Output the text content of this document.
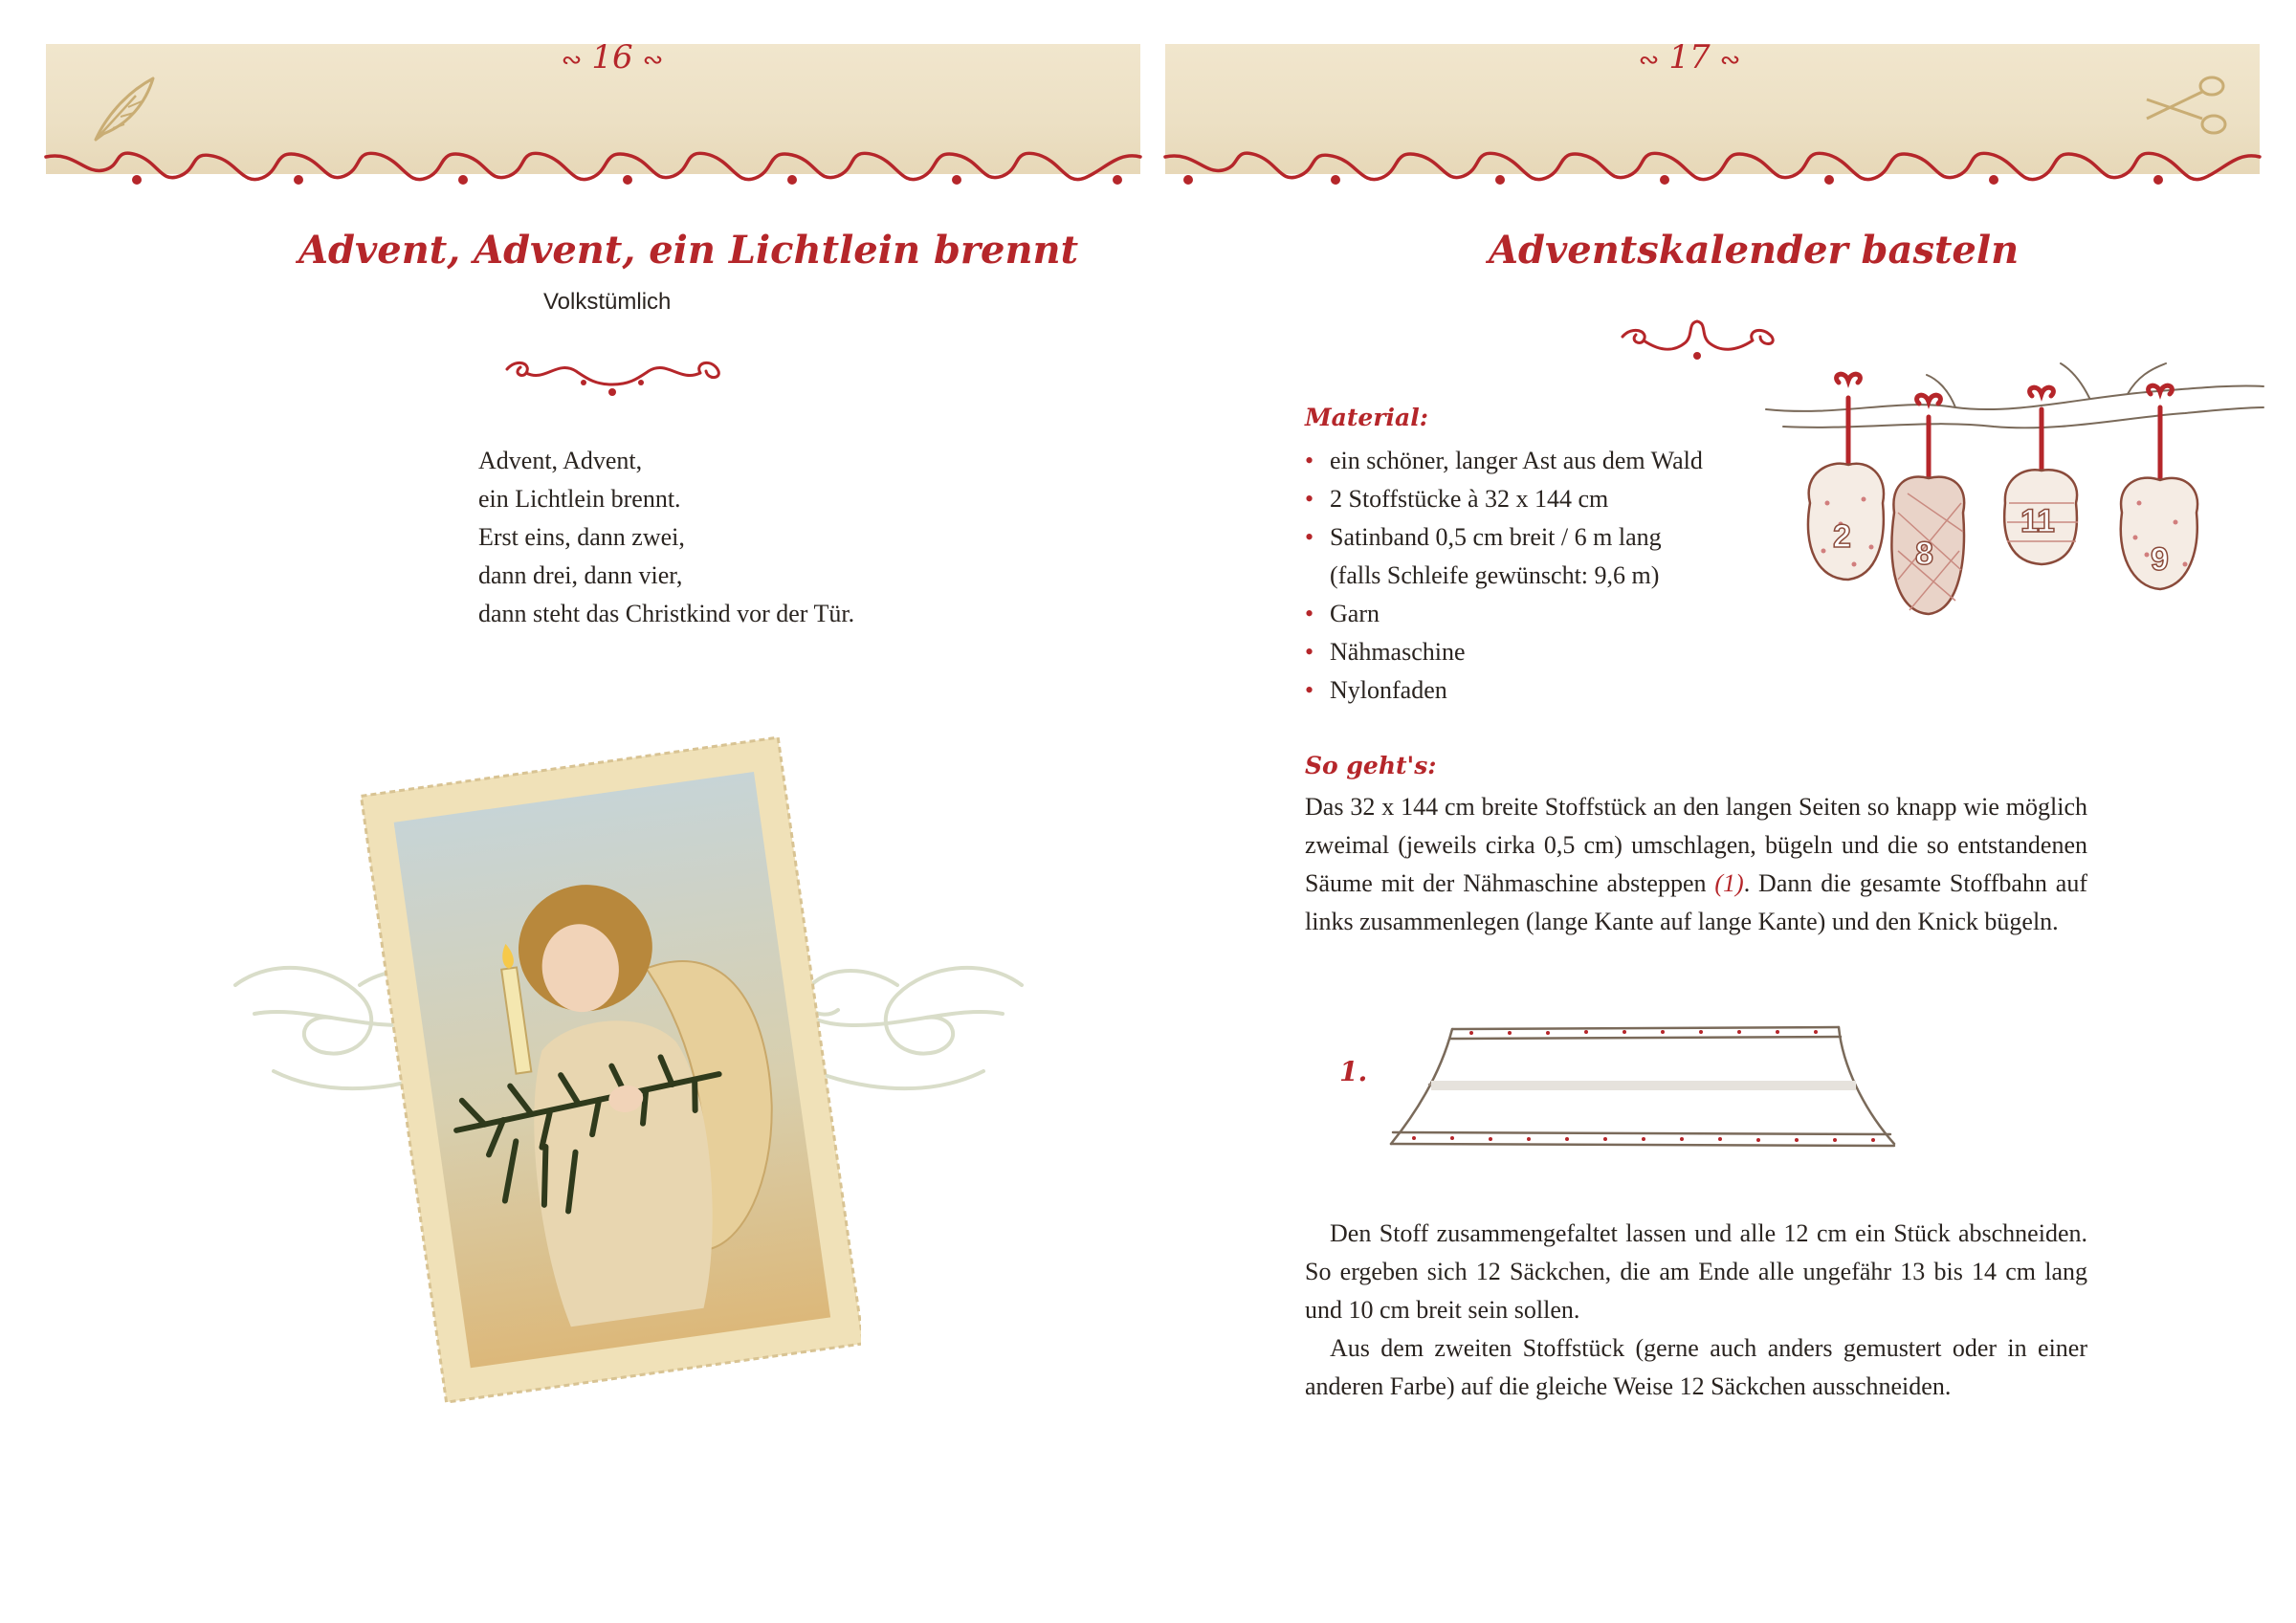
∾ 16 ∾
Advent, Advent, ein Lichtlein brennt
Volkstümlich
Advent, Advent,
ein Lichtlein brennt.
Erst eins, dann zwei,
dann drei, dann vier,
dann steht das Christkind vor der Tür.
∾ 17 ∾
Adventskalender basteln
Material:
• ein schöner, langer Ast aus dem Wald
• 2 Stoffstücke à 32 x 144 cm
• Satinband 0,5 cm breit / 6 m lang
(falls Schleife gewünscht: 9,6 m)
• Garn
• Nähmaschine
• Nylonfaden
2 8
11
9
So geht's:

Das 32 x 144 cm breite Stoffstück an den langen Seiten so knapp wie möglich zweimal (jeweils cirka 0,5 cm) umschlagen, bügeln und die so entstandenen Säume mit der Nähmaschine absteppen (1). Dann die gesamte Stoffbahn auf links zusammenlegen (lange Kante auf lange Kante) und den Knick bügeln.

1.

Den Stoff zusammengefaltet lassen und alle 12 cm ein Stück abschneiden. So ergeben sich 12 Säckchen, die am Ende alle ungefähr 13 bis 14 cm lang und 10 cm breit sein sollen.

Aus dem zweiten Stoffstück (gerne auch anders gemustert oder in einer anderen Farbe) auf die gleiche Weise 12 Säckchen ausschneiden.
